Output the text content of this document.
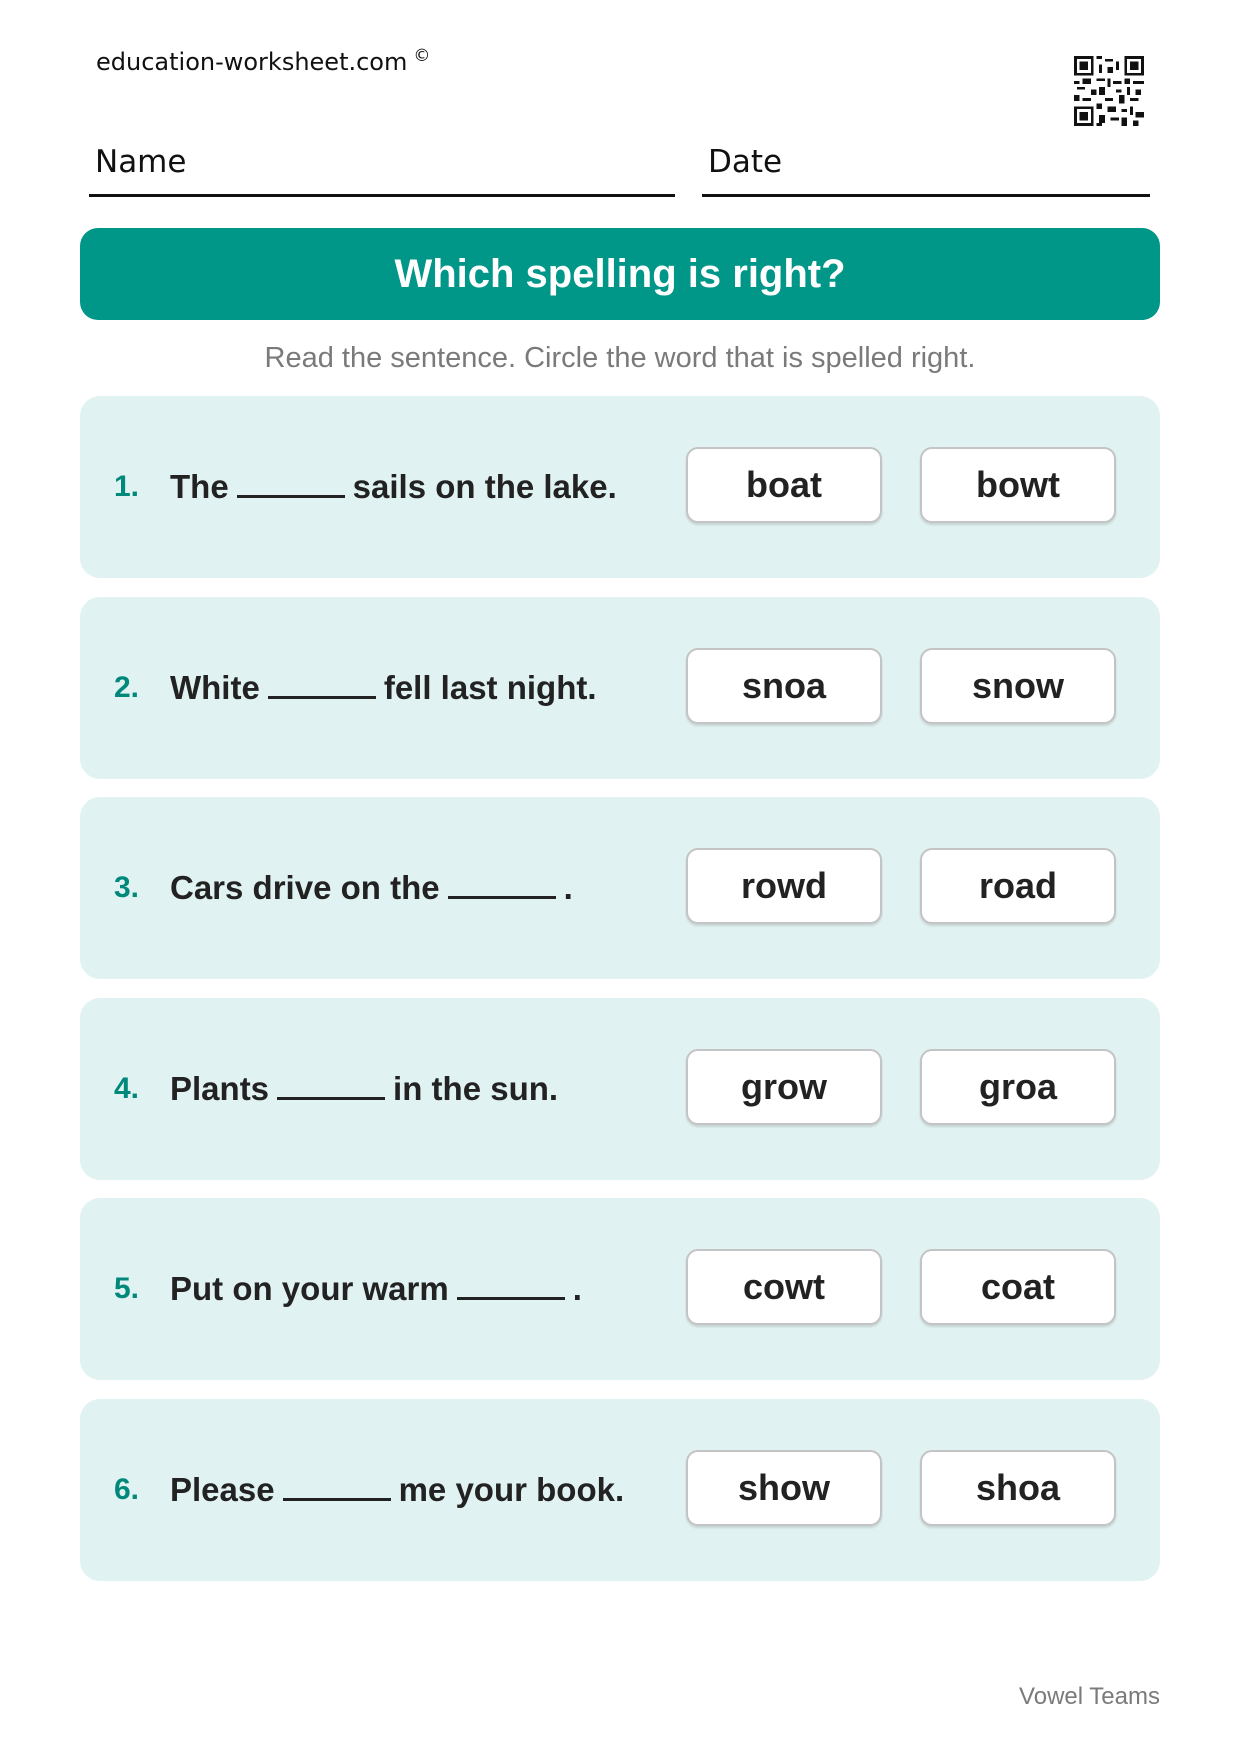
education-worksheet.com ©
Name	Date
Which spelling is right?
Read the sentence. Circle the word that is spelled right.
1. The	sails on the lake.	boat	bowt
2. White	fell last night.	snoa	snow
3. Cars drive on the	.	rowd	road
4. Plants	in the sun.	grow	groa
5. Put on your warm	.	cowt	coat
6. Please	me your book.	show	shoa
Vowel Teams
